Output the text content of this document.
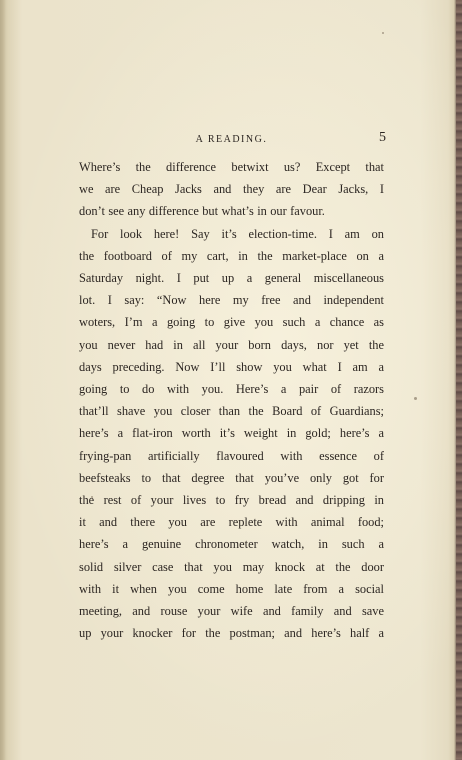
A READING.	5

Where’s the difference betwixt us? Except that
we are Cheap Jacks and they are Dear Jacks, I
don’t see any difference but what’s in our favour.

For look here! Say it’s election-time. I am on
the footboard of my cart, in the market-place on a
Saturday night. I put up a general miscellaneous
lot. I say: “Now here my free and independent
woters, I’m a going to give you such a chance as
you never had in all your born days, nor yet the
days preceding. Now I’ll show you what I am a
going to do with you. Here’s a pair of razors
that’ll shave you closer than the Board of Guardians;
here’s a flat-iron worth it’s weight in gold; here’s a
frying-pan artificially flavoured with essence of
beefsteaks to that degree that you’ve only got for
the rest of your lives to fry bread and dripping in
it and there you are replete with animal food;
here’s a genuine chronometer watch, in such a
solid silver case that you may knock at the door
with it when you come home late from a social
meeting, and rouse your wife and family and save
up your knocker for the postman; and here’s half a
